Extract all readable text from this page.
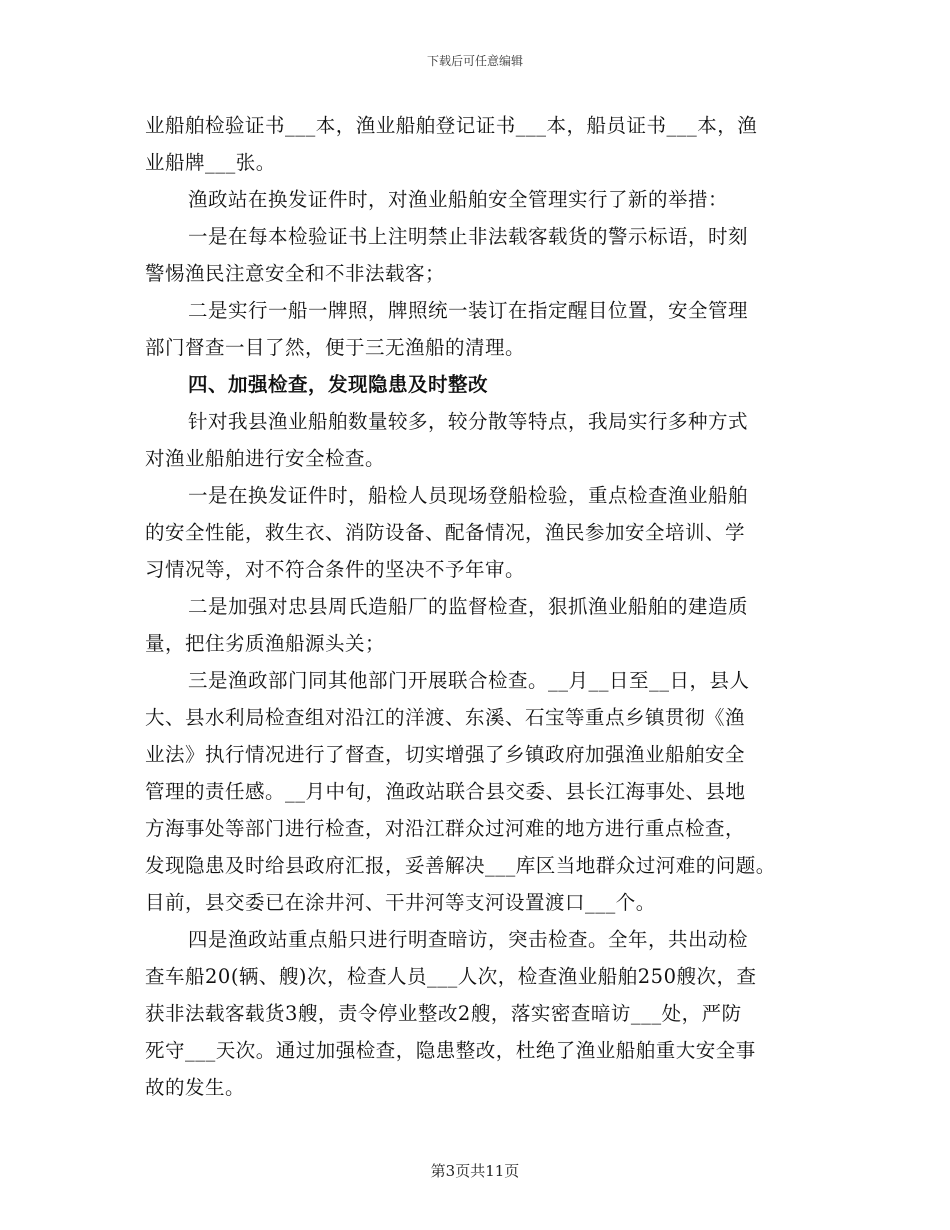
下载后可任意编辑
业船舶检验证书___本，渔业船舶登记证书___本，船员证书___本，渔
业船牌___张。
渔政站在换发证件时，对渔业船舶安全管理实行了新的举措：
一是在每本检验证书上注明禁止非法载客载货的警示标语，时刻
警惕渔民注意安全和不非法载客；
二是实行一船一牌照，牌照统一装订在指定醒目位置，安全管理
部门督查一目了然，便于三无渔船的清理。
四、加强检查，发现隐患及时整改
针对我县渔业船舶数量较多，较分散等特点，我局实行多种方式
对渔业船舶进行安全检查。
一是在换发证件时，船检人员现场登船检验，重点检查渔业船舶
的安全性能，救生衣、消防设备、配备情况，渔民参加安全培训、学
习情况等，对不符合条件的坚决不予年审。
二是加强对忠县周氏造船厂的监督检查，狠抓渔业船舶的建造质
量，把住劣质渔船源头关；
三是渔政部门同其他部门开展联合检查。__月__日至__日，县人
大、县水利局检查组对沿江的洋渡、东溪、石宝等重点乡镇贯彻《渔
业法》执行情况进行了督查，切实增强了乡镇政府加强渔业船舶安全
管理的责任感。__月中旬，渔政站联合县交委、县长江海事处、县地
方海事处等部门进行检查，对沿江群众过河难的地方进行重点检查，
发现隐患及时给县政府汇报，妥善解决___库区当地群众过河难的问题。
目前，县交委已在涂井河、干井河等支河设置渡口___个。
四是渔政站重点船只进行明查暗访，突击检查。全年，共出动检
查车船20(辆、艘)次，检查人员___人次，检查渔业船舶250艘次，查
获非法载客载货3艘，责令停业整改2艘，落实密查暗访___处，严防
死守___天次。通过加强检查，隐患整改，杜绝了渔业船舶重大安全事
故的发生。
第3页共11页
